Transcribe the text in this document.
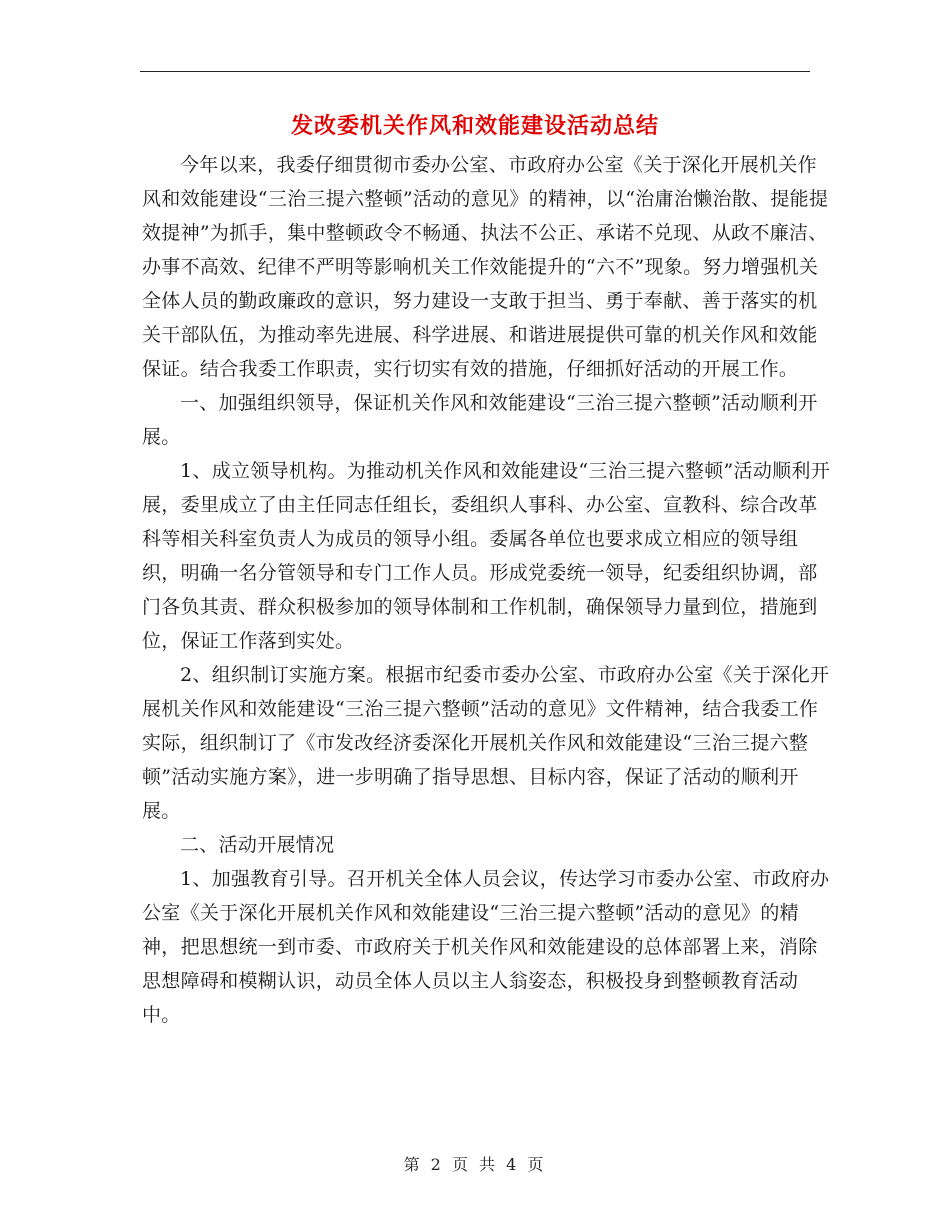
发改委机关作风和效能建设活动总结

今年以来，我委仔细贯彻市委办公室、市政府办公室《关于深化开展机关作风和效能建设“三治三提六整顿”活动的意见》的精神，以“治庸治懒治散、提能提效提神”为抓手，集中整顿政令不畅通、执法不公正、承诺不兑现、从政不廉洁、办事不高效、纪律不严明等影响机关工作效能提升的“六不”现象。努力增强机关全体人员的勤政廉政的意识，努力建设一支敢于担当、勇于奉献、善于落实的机关干部队伍，为推动率先进展、科学进展、和谐进展提供可靠的机关作风和效能保证。结合我委工作职责，实行切实有效的措施，仔细抓好活动的开展工作。

一、加强组织领导，保证机关作风和效能建设“三治三提六整顿”活动顺利开展。

1、成立领导机构。为推动机关作风和效能建设“三治三提六整顿”活动顺利开展，委里成立了由主任同志任组长，委组织人事科、办公室、宣教科、综合改革科等相关科室负责人为成员的领导小组。委属各单位也要求成立相应的领导组织，明确一名分管领导和专门工作人员。形成党委统一领导，纪委组织协调，部门各负其责、群众积极参加的领导体制和工作机制，确保领导力量到位，措施到位，保证工作落到实处。

2、组织制订实施方案。根据市纪委市委办公室、市政府办公室《关于深化开展机关作风和效能建设“三治三提六整顿”活动的意见》文件精神，结合我委工作实际，组织制订了《市发改经济委深化开展机关作风和效能建设“三治三提六整顿”活动实施方案》，进一步明确了指导思想、目标内容，保证了活动的顺利开展。

二、活动开展情况

1、加强教育引导。召开机关全体人员会议，传达学习市委办公室、市政府办公室《关于深化开展机关作风和效能建设“三治三提六整顿”活动的意见》的精神，把思想统一到市委、市政府关于机关作风和效能建设的总体部署上来，消除思想障碍和模糊认识，动员全体人员以主人翁姿态，积极投身到整顿教育活动中。

第 2 页 共 4 页
